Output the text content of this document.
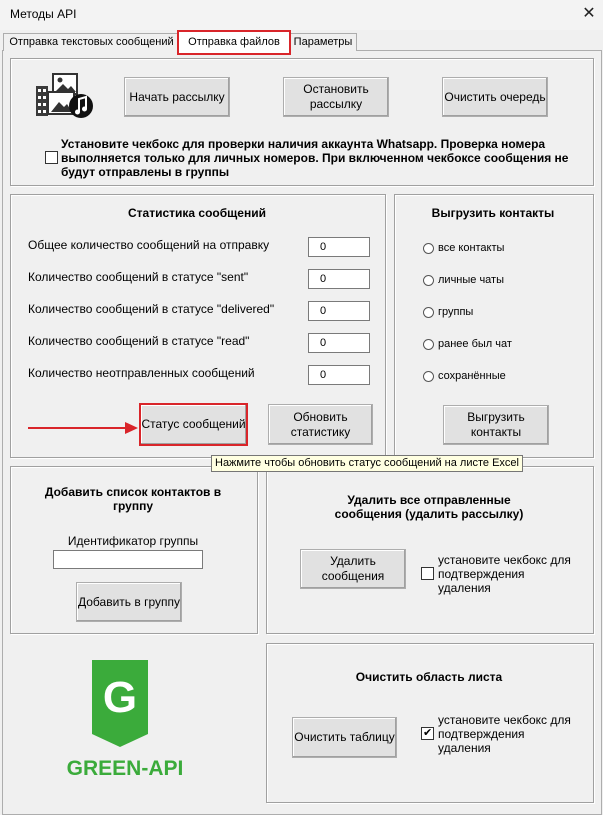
Методы API	✕
Отправка текстовых сообщений	Отправка файлов	Параметры
Начать рассылку
Остановить рассылку
Очистить очередь
Установите чекбокс для проверки наличия аккаунта Whatsapp. Проверка номера выполняется только для личных номеров. При включенном чекбоксе сообщения не будут отправлены в группы
Статистика сообщений
Общее количество сообщений на отправку	0
Количество сообщений в статусе "sent"	0
Количество сообщений в статусе "delivered"	0
Количество сообщений в статусе "read"	0
Количество неотправленных сообщений	0
Статус сообщений
Обновить статистику
Выгрузить контакты
все контакты
личные чаты
группы
ранее был чат
сохранённые
Выгрузить контакты
Нажмите чтобы обновить статус сообщений на листе Excel
Добавить список контактов в группу
Идентификатор группы
Добавить в группу
Удалить все отправленные сообщения (удалить рассылку)
Удалить сообщения
установите чекбокс для подтверждения удаления
G
GREEN-API
Очистить область листа
Очистить таблицу
✔
установите чекбокс для подтверждения удаления
